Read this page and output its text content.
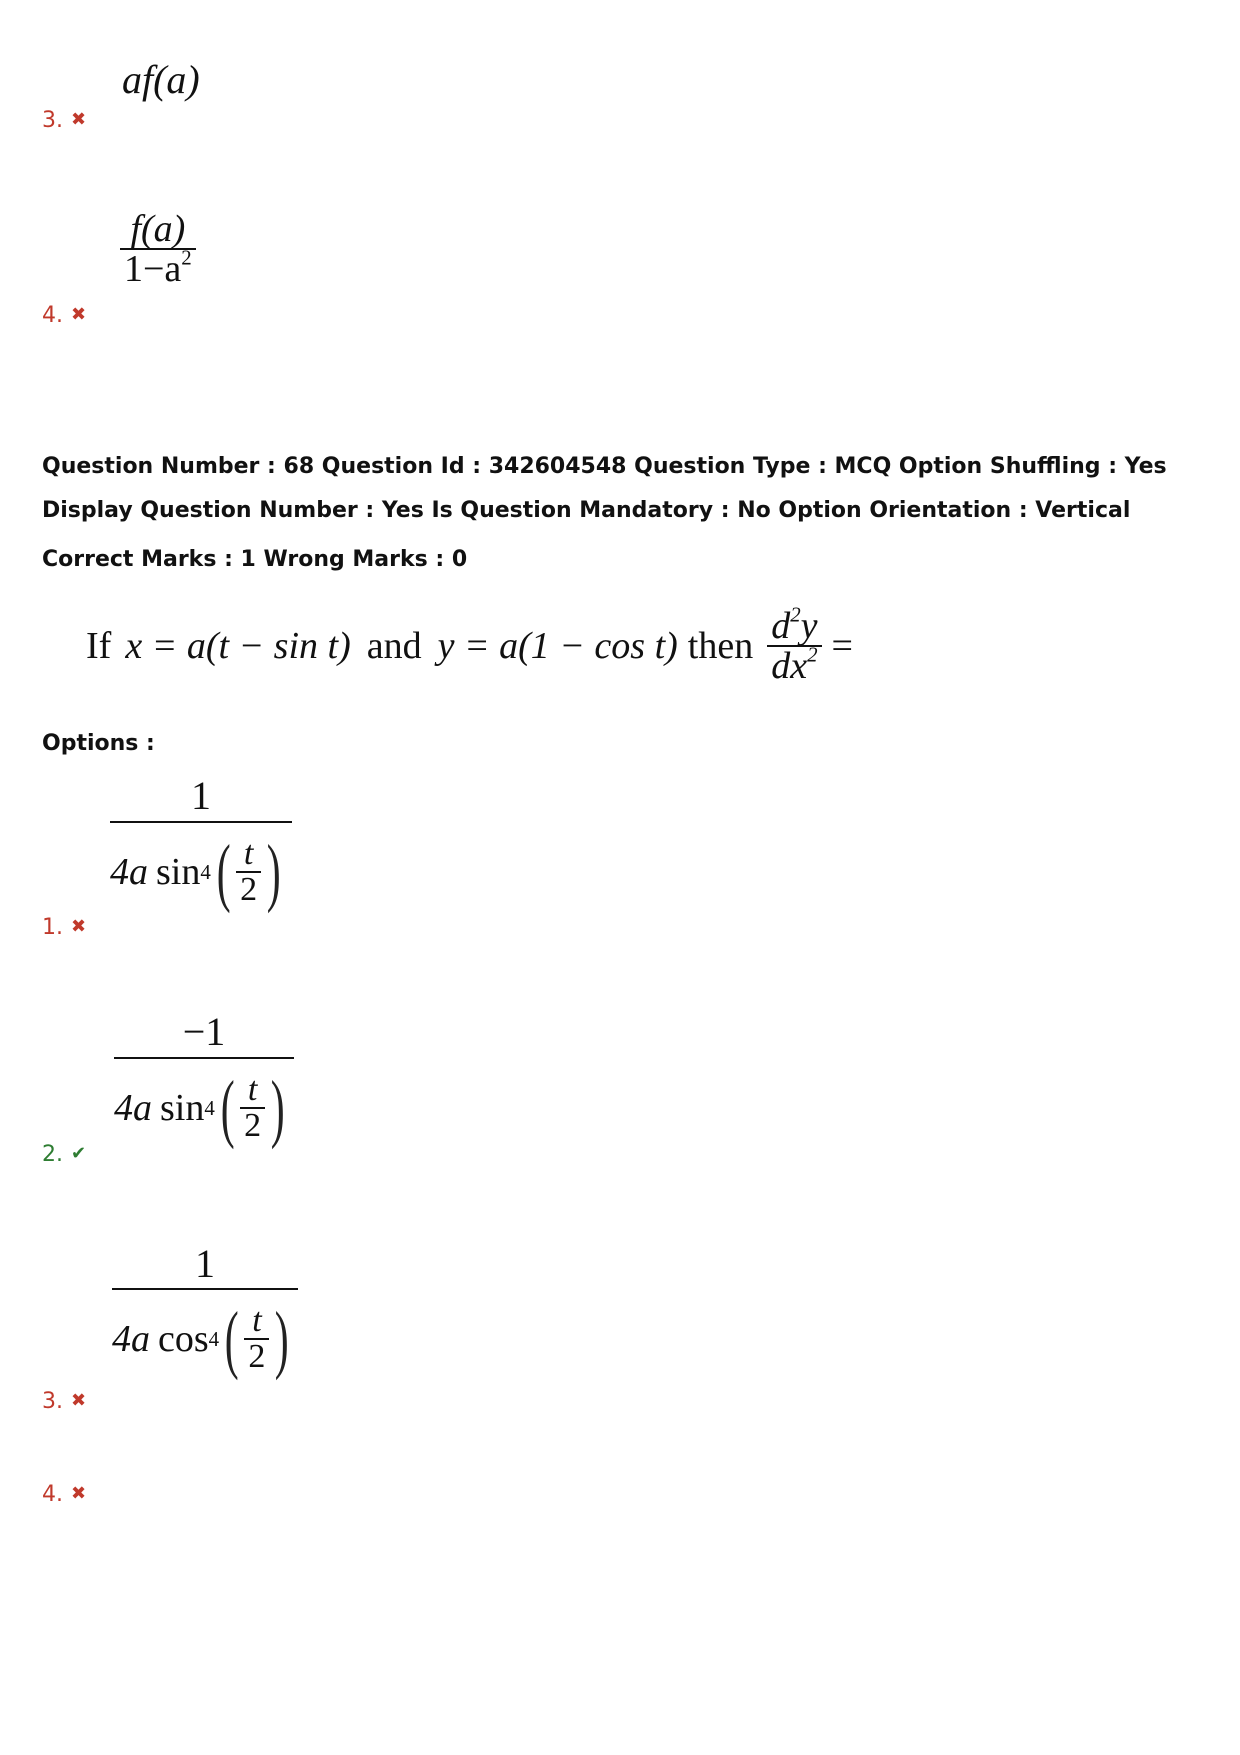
af(a)
3. ✖
$\frac{f(a)}{1-a^2}$
4. ✖
Question Number : 68 Question Id : 342604548 Question Type : MCQ Option Shuffling : Yes
Display Question Number : Yes Is Question Mandatory : No Option Orientation : Vertical
Correct Marks : 1 Wrong Marks : 0
If x = a(t − sin t) and y = a(1 − cos t) then $\frac{d^2y}{dx^2}$ =
Options :
1
4a sin 4 ( $\frac{t}{2}$ )
1. ✖
−1
4a sin 4 ( $\frac{t}{2}$ )
2. ✔
1
4a cos 4 ( $\frac{t}{2}$ )
3. ✖
4. ✖
